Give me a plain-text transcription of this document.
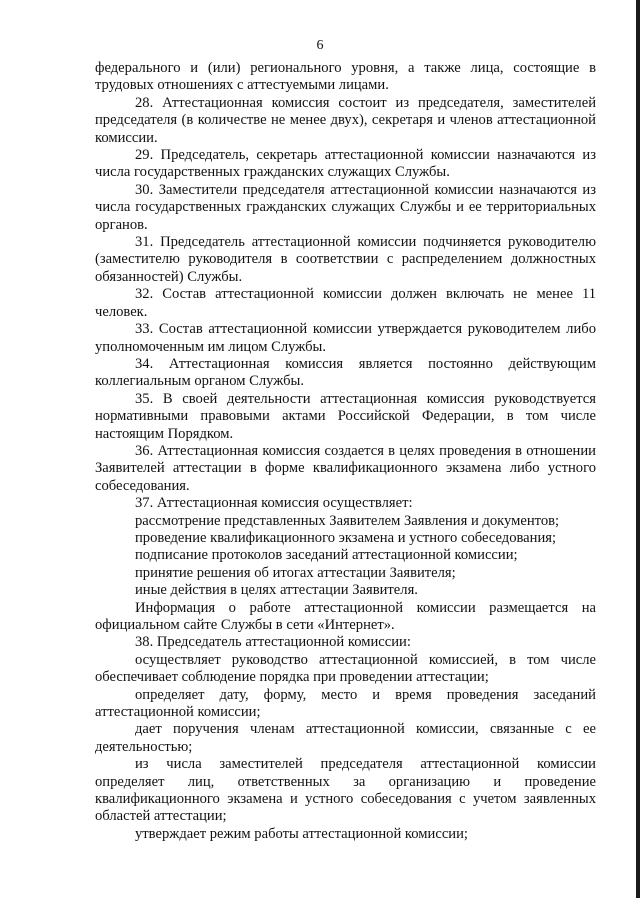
6

федерального и (или) регионального уровня, а также лица, состоящие в трудовых отношениях с аттестуемыми лицами.

28. Аттестационная комиссия состоит из председателя, заместителей председателя (в количестве не менее двух), секретаря и членов аттестационной комиссии.

29. Председатель, секретарь аттестационной комиссии назначаются из числа государственных гражданских служащих Службы.

30. Заместители председателя аттестационной комиссии назначаются из числа государственных гражданских служащих Службы и ее территориальных органов.

31. Председатель аттестационной комиссии подчиняется руководителю (заместителю руководителя в соответствии с распределением должностных обязанностей) Службы.

32. Состав аттестационной комиссии должен включать не менее 11 человек.

33. Состав аттестационной комиссии утверждается руководителем либо уполномоченным им лицом Службы.

34. Аттестационная комиссия является постоянно действующим коллегиальным органом Службы.

35. В своей деятельности аттестационная комиссия руководствуется нормативными правовыми актами Российской Федерации, в том числе настоящим Порядком.

36. Аттестационная комиссия создается в целях проведения в отношении Заявителей аттестации в форме квалификационного экзамена либо устного собеседования.

37. Аттестационная комиссия осуществляет:

рассмотрение представленных Заявителем Заявления и документов;

проведение квалификационного экзамена и устного собеседования;

подписание протоколов заседаний аттестационной комиссии;

принятие решения об итогах аттестации Заявителя;

иные действия в целях аттестации Заявителя.

Информация о работе аттестационной комиссии размещается на официальном сайте Службы в сети «Интернет».

38. Председатель аттестационной комиссии:

осуществляет руководство аттестационной комиссией, в том числе обеспечивает соблюдение порядка при проведении аттестации;

определяет дату, форму, место и время проведения заседаний аттестационной комиссии;

дает поручения членам аттестационной комиссии, связанные с ее деятельностью;

из числа заместителей председателя аттестационной комиссии определяет лиц, ответственных за организацию и проведение квалификационного экзамена и устного собеседования с учетом заявленных областей аттестации;

утверждает режим работы аттестационной комиссии;
